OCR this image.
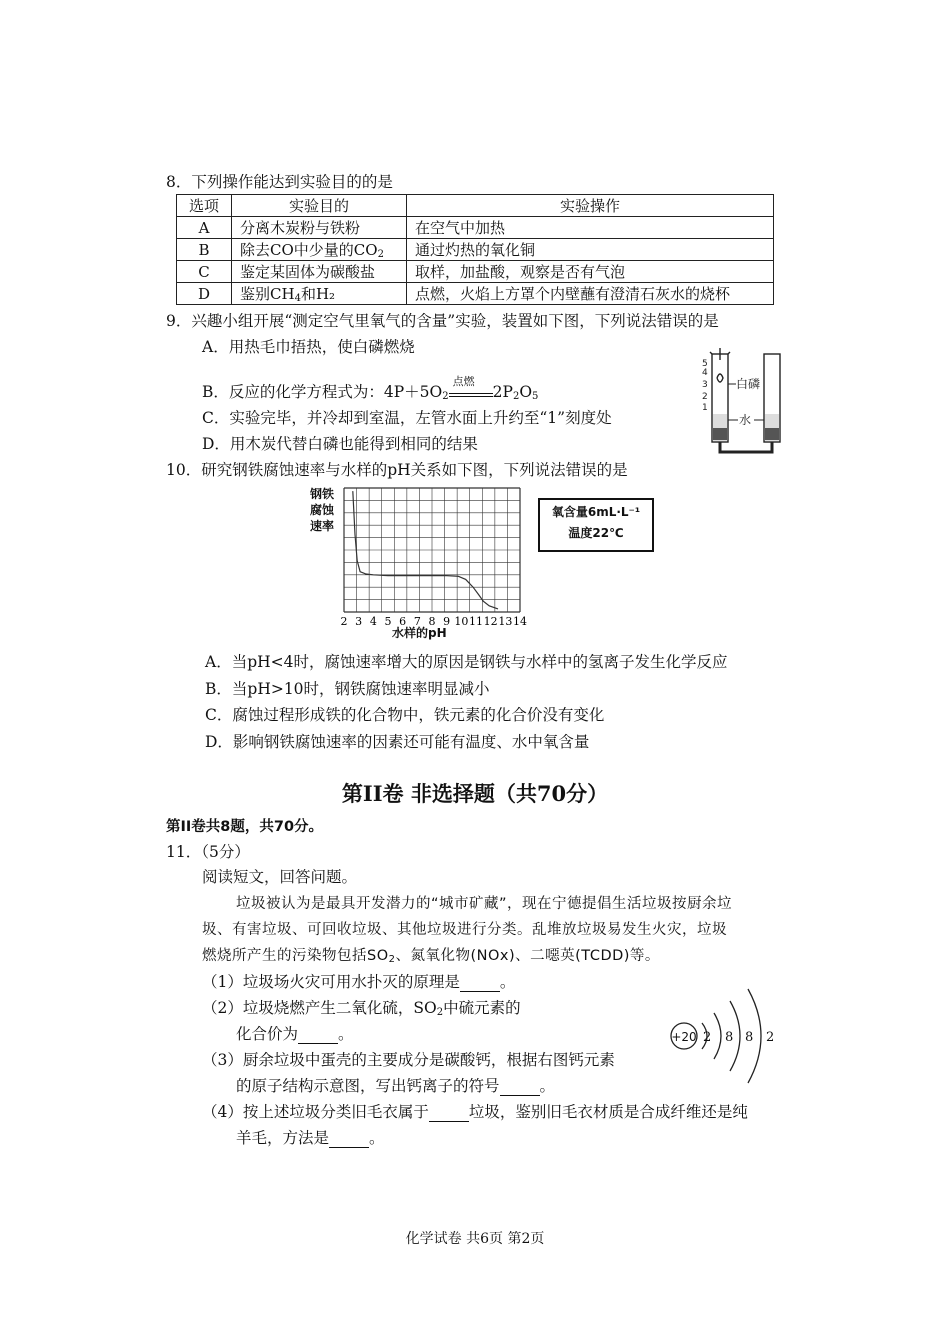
8．下列操作能达到实验目的的是
选项	实验目的	实验操作
A	分离木炭粉与铁粉	在空气中加热
B	除去CO中少量的$CO_2$	通过灼热的氧化铜
C	鉴定某固体为碳酸盐	取样，加盐酸，观察是否有气泡
D	鉴别$CH_4$和H₂	点燃，火焰上方罩个内壁蘸有澄清石灰水的烧杯
9．兴趣小组开展“测定空气里氧气的含量”实验，装置如下图，下列说法错误的是
A．用热毛巾捂热，使白磷燃烧
B．反应的化学方程式为：$4P+5O_2$
点燃
$2P_2O_5$
C．实验完毕，并冷却到室温，左管水面上升约至“1”刻度处
D．用木炭代替白磷也能得到相同的结果
5
4
3
2
1
白磷
水
10．研究钢铁腐蚀速率与水样的pH关系如下图，下列说法错误的是
钢铁
腐蚀
速率
水样的pH
2 3 4 5 6 7 8 9 10 11 12 13 14
氧含量6mL·L⁻¹
温度22℃
A．当pH<4时，腐蚀速率增大的原因是钢铁与水样中的氢离子发生化学反应
B．当pH>10时，钢铁腐蚀速率明显减小
C．腐蚀过程形成铁的化合物中，铁元素的化合价没有变化
D．影响钢铁腐蚀速率的因素还可能有温度、水中氧含量
第II卷 非选择题（共70分）
第II卷共8题，共70分。
11．（5分）
阅读短文，回答问题。
垃圾被认为是最具开发潜力的“城市矿藏”，现在宁德提倡生活垃圾按厨余垃
圾、有害垃圾、可回收垃圾、其他垃圾进行分类。乱堆放垃圾易发生火灾，垃圾
燃烧所产生的污染物包括$SO_2$、氮氧化物(NOx)、二噁英(TCDD)等。
（1）垃圾场火灾可用水扑灭的原理是	。
（2）垃圾烧燃产生二氧化硫，$SO_2$中硫元素的
化合价为	。
（3）厨余垃圾中蛋壳的主要成分是碳酸钙，根据右图钙元素
的原子结构示意图，写出钙离子的符号	。
（4）按上述垃圾分类旧毛衣属于	垃圾，鉴别旧毛衣材质是合成纤维还是纯
羊毛，方法是	。
+20 2 8 8 2
化学试卷 共6页 第2页
